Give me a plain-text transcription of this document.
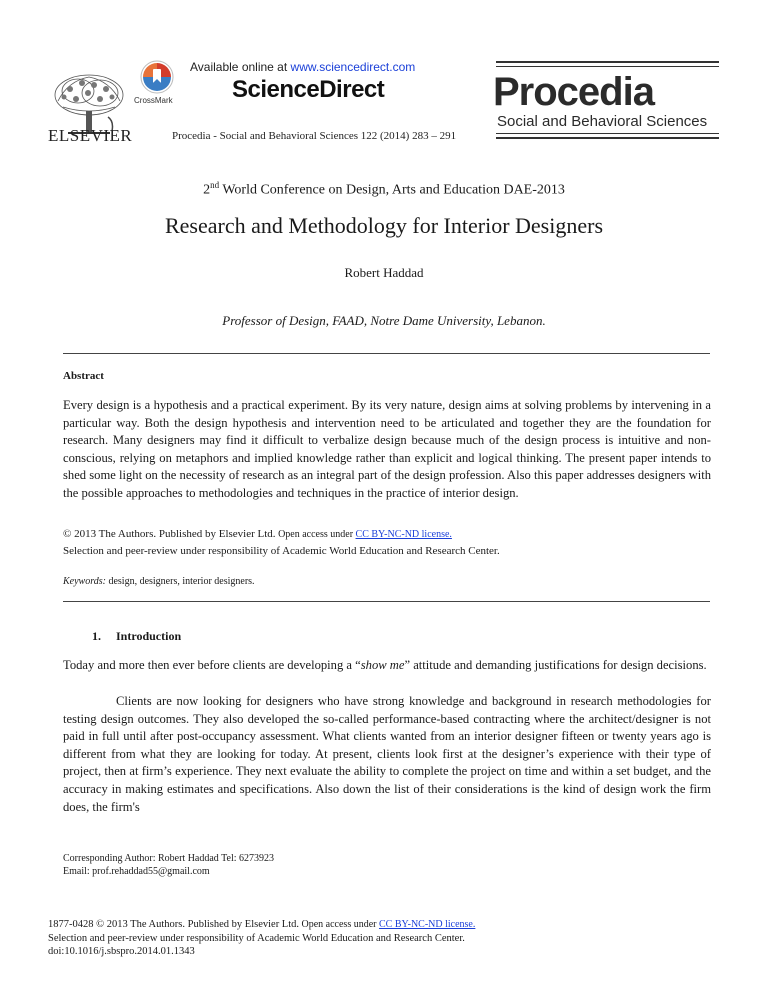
ELSEVIER
CrossMark
Available online at www.sciencedirect.com
ScienceDirect
Procedia - Social and Behavioral Sciences 122 (2014) 283 – 291
Procedia
Social and Behavioral Sciences
2nd World Conference on Design, Arts and Education DAE-2013
Research and Methodology for Interior Designers
Robert Haddad
Professor of Design, FAAD, Notre Dame University, Lebanon.
Abstract
Every design is a hypothesis and a practical experiment. By its very nature, design aims at solving problems by intervening in a particular way. Both the design hypothesis and intervention need to be articulated and together they are the foundation for research. Many designers may find it difficult to verbalize design because much of the design process is intuitive and non-conscious, relying on metaphors and implied knowledge rather than explicit and logical thinking. The present paper intends to shed some light on the necessity of research as an integral part of the design profession. Also this paper addresses designers with the possible approaches to methodologies and techniques in the practice of interior design.
© 2013 The Authors. Published by Elsevier Ltd. Open access under CC BY-NC-ND license.
Selection and peer-review under responsibility of Academic World Education and Research Center.
Keywords: design, designers, interior designers.
1. Introduction
Today and more then ever before clients are developing a “show me” attitude and demanding justifications for design decisions.
Clients are now looking for designers who have strong knowledge and background in research methodologies for testing design outcomes. They also developed the so-called performance-based contracting where the architect/designer is not paid in full until after post-occupancy assessment. What clients wanted from an interior designer fifteen or twenty years ago is different from what they are looking for today. At present, clients look first at the designer’s experience with their type of project, then at firm’s experience. They next evaluate the ability to complete the project on time and within a set budget, and the accuracy in making estimates and specifications. Also down the list of their considerations is the kind of design work the firm does, the firm's
Corresponding Author: Robert Haddad Tel: 6273923
Email: prof.rehaddad55@gmail.com
1877-0428 © 2013 The Authors. Published by Elsevier Ltd. Open access under CC BY-NC-ND license.
Selection and peer-review under responsibility of Academic World Education and Research Center.
doi:10.1016/j.sbspro.2014.01.1343
